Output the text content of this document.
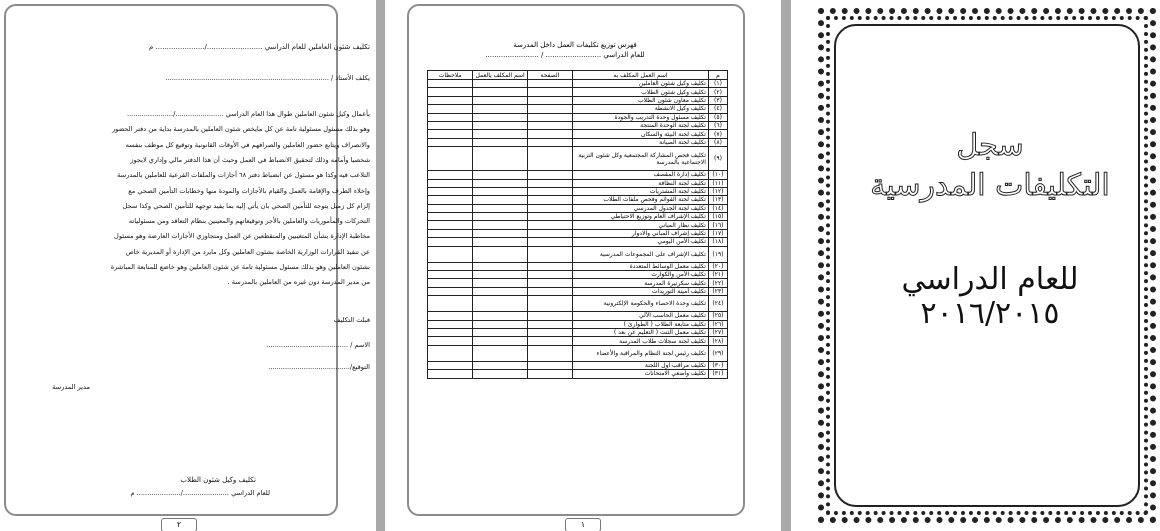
تكليف شئون العاملين للعام الدراسي ........................./...................... م
يكلف الأستاذ / ..............................................................................
بأعمال وكيل شئون العاملين طوال هذا العام الدراسي ......................./......................
وهو بذلك مسئول مسئولية تامة عن كل مايخص شئون العاملين بالمدرسة بداية من دفتر الحضور
والانصراف ويتابع حضور العاملين والصرافهم في الأوقات القانونية وتوقيع كل موظف بنفسه
شخصيا وأمامه وذلك لتحقيق الانضباط في العمل وحيث أن هذا الدفتر مالي وإداري لايجوز
التلاعب فيه وكذا هو مسئول عن انضباط دفتر ٦٨ أجازات والملفات الفرعية للعاملين بالمدرسة
وإخلاء الطرف والإقامة بالعمل والقيام بالأجازات والمودة منها وخطابات التأمين الصحي مع
إلزام كل زميل يتوجه للتأمين الصحي بان يأتي إليه بما يفيد توجهه للتأمين الصحي وكذا سجل
التحركات والمأموريات والعاملين بالأجر وتوقيعاتهم والمعينين بنظام التعاقد ومن مسئولياته
مخاطبة الإدارة بشأن المتغيبين والمنقطعين عن العمل ومتجاوزي الأجازات العارضة وهو مسئول
عن تنفيذ القرارات الوزارية الخاصة بشئون العاملين وكل مايرد من الإدارة أو المديرية خاص
بشئون العاملين وهو بذلك مسئول مسئولية تامة عن شئون العاملين وهو خاضع للمتابعة المباشرة
من مدير المدرسة دون غيره من العاملين بالمدرسة .
قبلت التكليف
الاسم / .......................................
التوقيع/.......................................
مدير المدرسة
تكليف وكيل شئون الطلاب
للعام الدراسي ....................../..................... م
٢
فهرس توزيع تكليفات العمل داخل المدرسة
للعام الدراسي ......................... / ........................
م	اسم العمل المكلف به	الصفحة	اسم المكلف بالعمل	ملاحظات
(١)	تكليف وكيل شئون العاملين			
(٢)	تكليف وكيل شئون الطلاب			
(٣)	تكليف معاون شئون الطلاب			
(٤)	تكليف وكيل الانشطة			
(٥)	تكليف مسئول وحدة التدريب والجودة			
(٦)	تكليف لجنة الوحدة المنتجة			
(٧)	تكليف لجنة البيئة والسكان			
(٨)	تكليف لجنة الصيانة			
(٩)	تكليف فحص المشاركة المجتمعية وكل شئون التربية الاجتماعية بالمدرسة			
(١٠)	تكليف إدارة المقصف			
(١١)	تكليف لجنة النظافة			
(١٢)	تكليف لجنة المشتريات			
(١٣)	تكليف لجنة القوائم وفحص ملفات الطلاب			
(١٤)	تكليف لجنة الجدول المدرسي			
(١٥)	تكليف الإشراف العام وتوزيع الاحتياطي			
(١٦)	تكليف نظار المباني			
(١٧)	تكليف إشراف المباني والادوار			
(١٨)	تكليف الأمن اليومي			
(١٩)	تكليف الإشراف على المجموعات المدرسية			
(٢٠)	تكليف معمل الوسائط المتعددة			
(٢١)	تكليف الأمن والكوارث			
(٢٢)	تكليف سكرتيرة المدرسة			
(٢٣)	تكليف أمينة التوريدات			
(٢٤)	تكليف وحدة الاحصاء والحكومة الإلكترونية			
(٢٥)	تكليف معمل الحاسب الآلي			
(٢٦)	تكليف متابعة الطلاب ( الطوارئ )			
(٢٧)	تكليف معمل الثنت ( التعليم عن بعد )			
(٢٨)	تكليف لجنة سجلات طلاب المدرسة			
(٢٩)	تكليف رئيس لجنة النظام والمراقبة والأعضاء			
(٣٠)	تكليف مراقب اول اللجنة			
(٣١)	تكليف واضعي الامتحانات			
١
سجل
التكليفات المدرسية
للعام الدراسي
٢٠١٦/٢٠١٥
